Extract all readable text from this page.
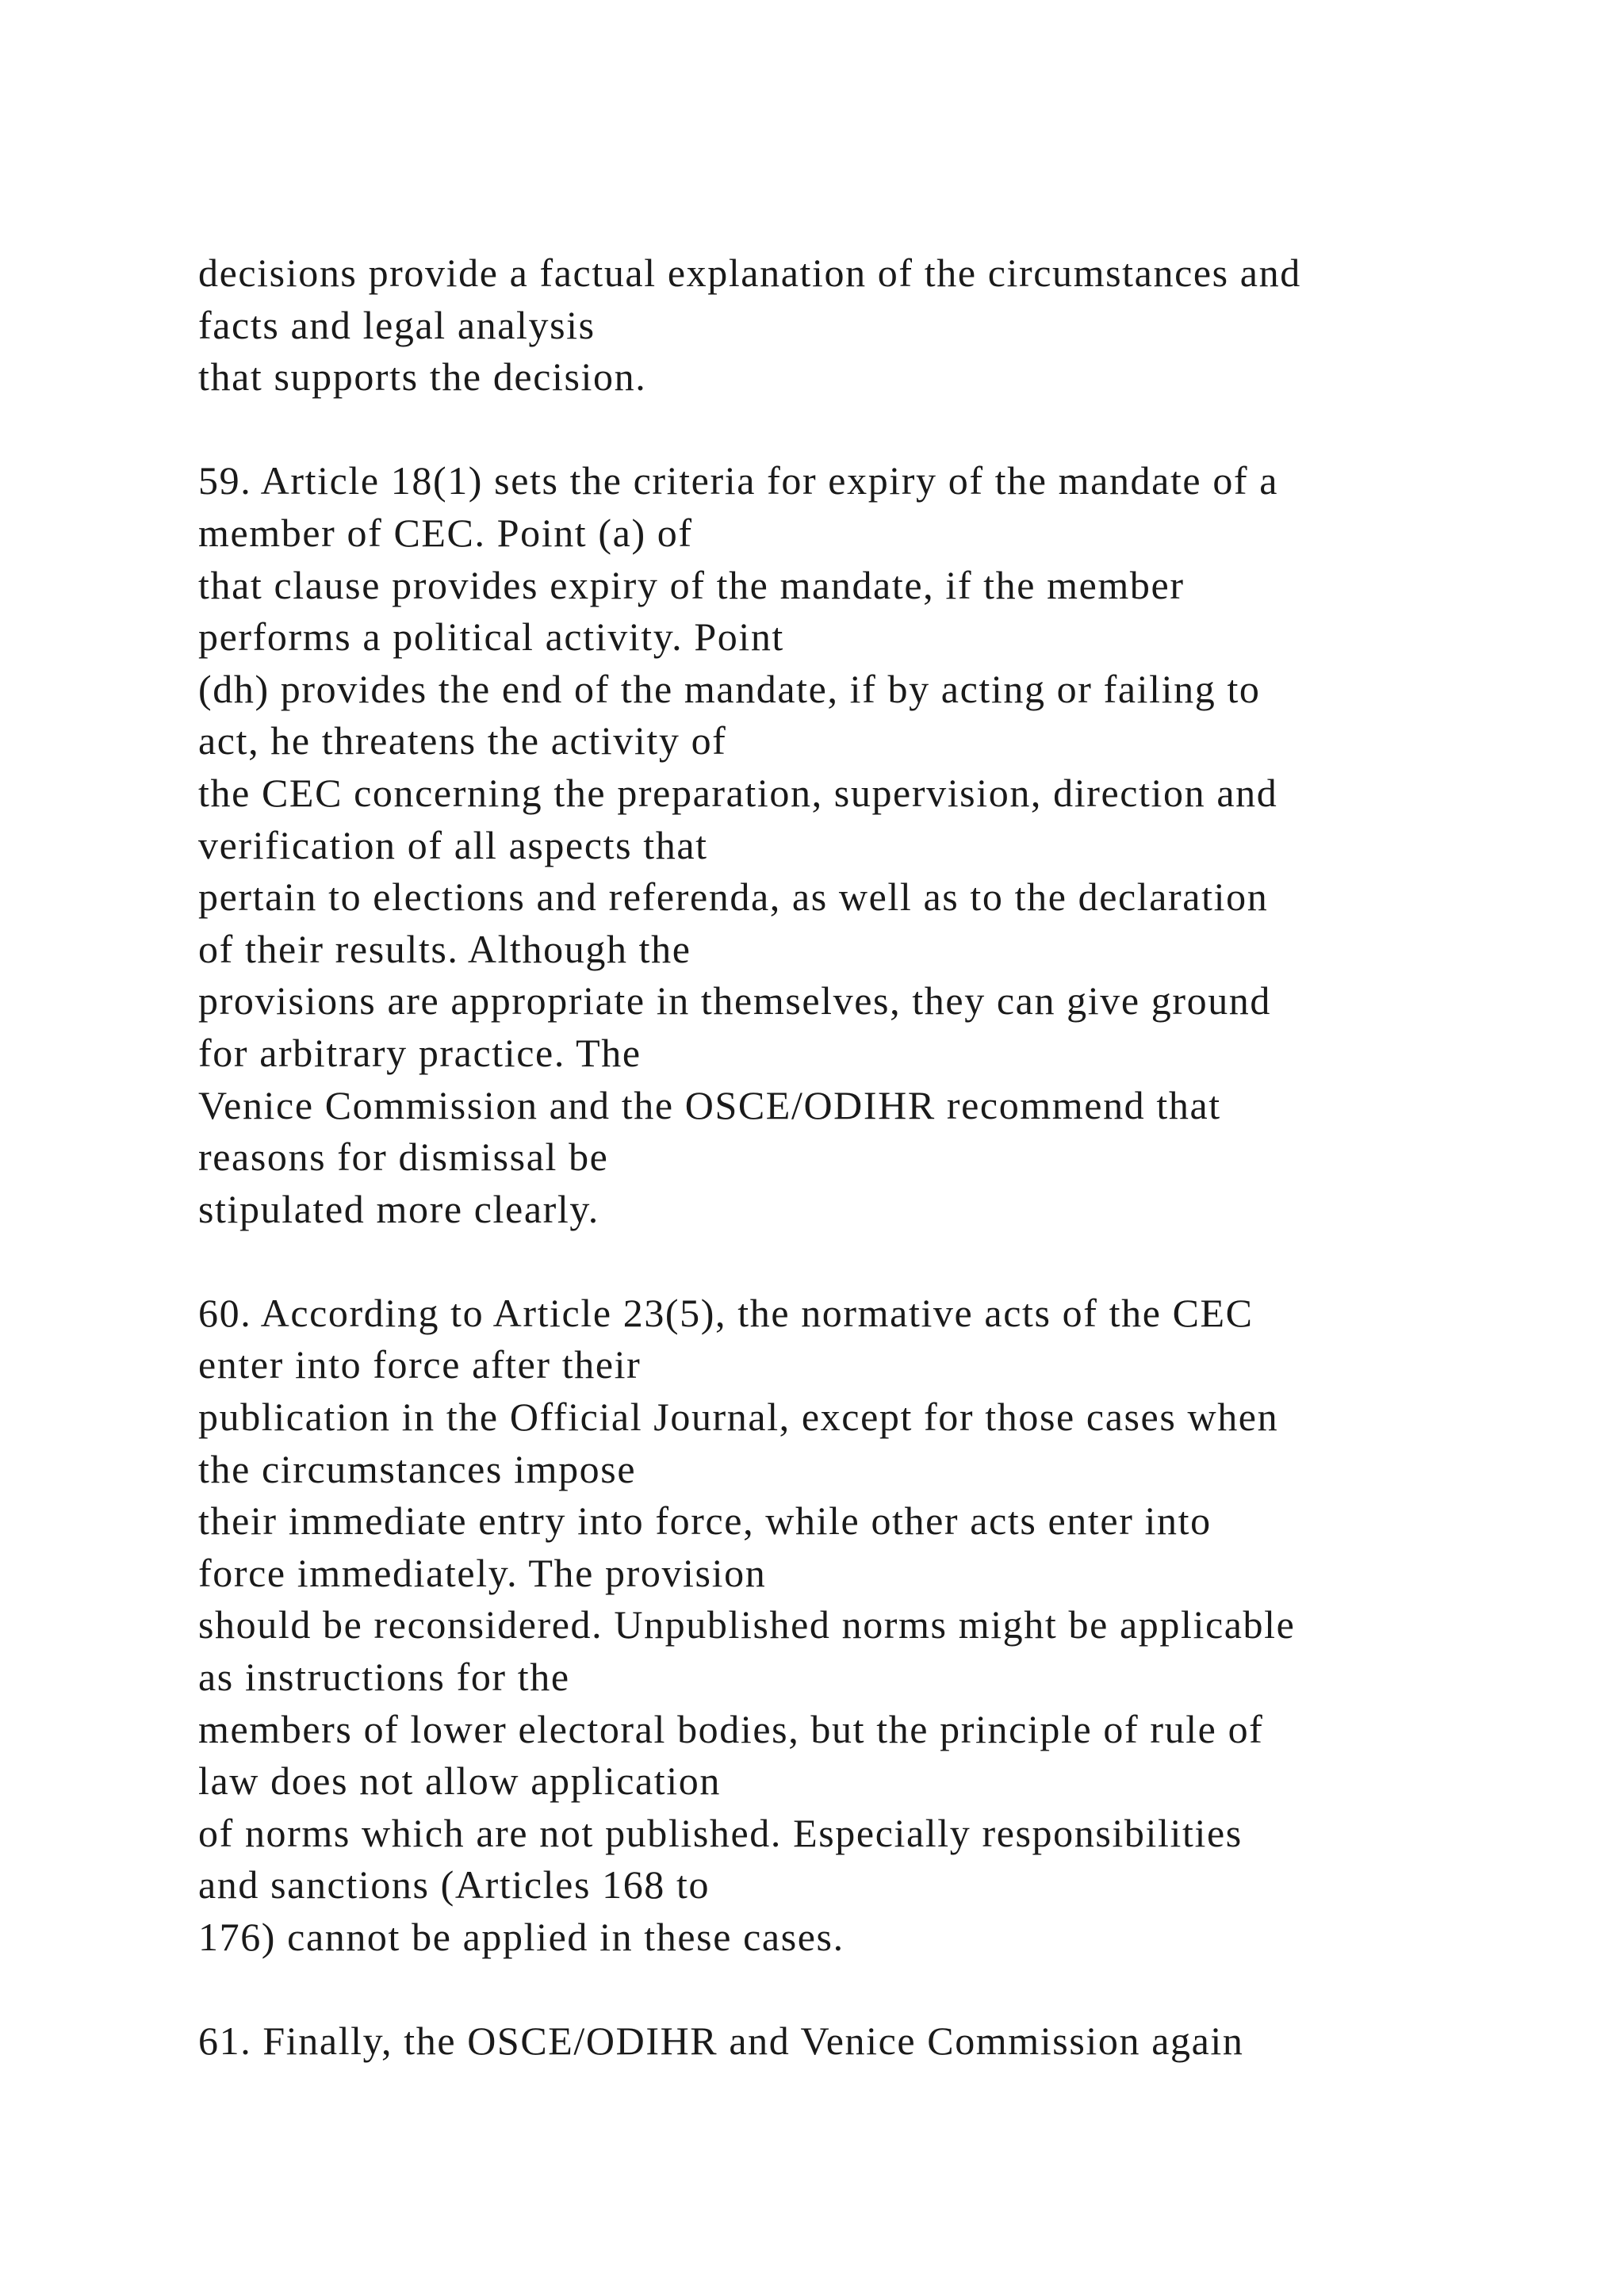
decisions provide a factual explanation of the circumstances and
facts and legal analysis
that supports the decision.
59. Article 18(1) sets the criteria for expiry of the mandate of a
member of CEC. Point (a) of
that clause provides expiry of the mandate, if the member
performs a political activity. Point
(dh) provides the end of the mandate, if by acting or failing to
act, he threatens the activity of
the CEC concerning the preparation, supervision, direction and
verification of all aspects that
pertain to elections and referenda, as well as to the declaration
of their results. Although the
provisions are appropriate in themselves, they can give ground
for arbitrary practice. The
Venice Commission and the OSCE/ODIHR recommend that
reasons for dismissal be
stipulated more clearly.
60. According to Article 23(5), the normative acts of the CEC
enter into force after their
publication in the Official Journal, except for those cases when
the circumstances impose
their immediate entry into force, while other acts enter into
force immediately. The provision
should be reconsidered. Unpublished norms might be applicable
as instructions for the
members of lower electoral bodies, but the principle of rule of
law does not allow application
of norms which are not published. Especially responsibilities
and sanctions (Articles 168 to
176) cannot be applied in these cases.
61. Finally, the OSCE/ODIHR and Venice Commission again
